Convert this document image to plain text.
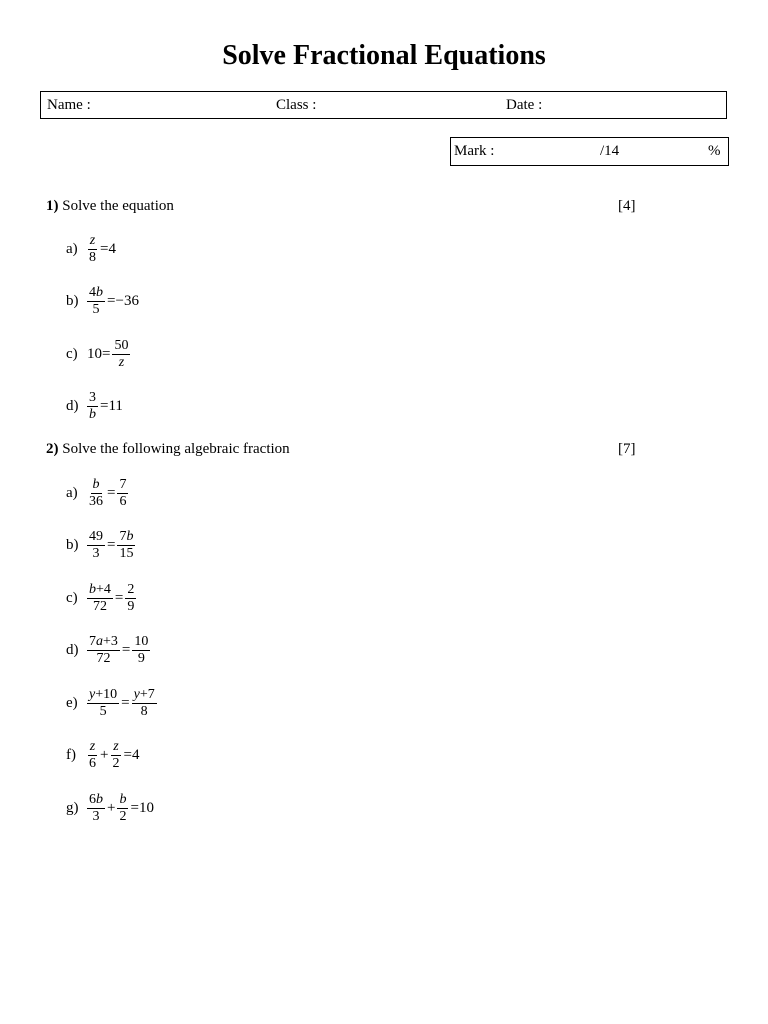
Solve Fractional Equations
Name :	Class :	Date :
Mark :	/14	%
1) Solve the equation	[4]
$a) \frac{z}{8} =4$
$b) \frac{4b}{5} =-36$
c) $10= \frac{50}{z}$
$d) \frac{3}{b} =11$
2) Solve the following algebraic fraction	[7]
$a) \frac{b}{36} = \frac{7}{6}$
$b) \frac{49}{3} = \frac{7b}{15}$
$c) \frac{b+4}{72} = \frac{2}{9}$
$d) \frac{7a+3}{72} = \frac{10}{9}$
$e) \frac{y+10}{5} = \frac{y+7}{8}$
$f) \frac{z}{6} + \frac{z}{2} =4$
$g) \frac{6b}{3} + \frac{b}{2} =10$
